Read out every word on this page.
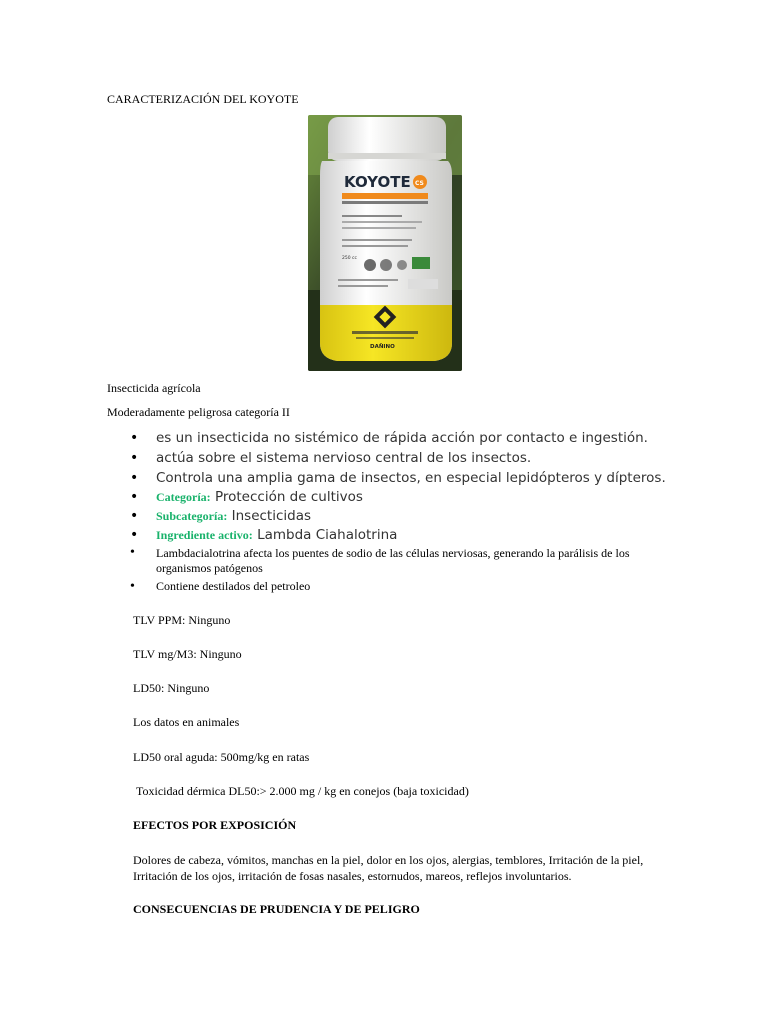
CARACTERIZACIÓN DEL KOYOTE
KOYOTE CS
250 cc
DAÑINO
Insecticida agrícola
Moderadamente peligrosa categoría II
• es un insecticida no sistémico de rápida acción por contacto e ingestión.
• actúa sobre el sistema nervioso central de los insectos.
• Controla una amplia gama de insectos, en especial lepidópteros y dípteros.
• Categoría: Protección de cultivos
• Subcategoría: Insecticidas
• Ingrediente activo: Lambda Ciahalotrina
• Lambdacialotrina afecta los puentes de sodio de las células nerviosas, generando la parálisis de los organismos patógenos
• Contiene destilados del petroleo
TLV PPM: Ninguno
TLV mg/M3: Ninguno
LD50: Ninguno
Los datos en animales
LD50 oral aguda: 500mg/kg en ratas
Toxicidad dérmica DL50:> 2.000 mg / kg en conejos (baja toxicidad)
EFECTOS POR EXPOSICIÓN
Dolores de cabeza, vómitos, manchas en la piel, dolor en los ojos, alergias, temblores, Irritación de la piel, Irritación de los ojos, irritación de fosas nasales, estornudos, mareos, reflejos involuntarios.
CONSECUENCIAS DE PRUDENCIA Y DE PELIGRO
